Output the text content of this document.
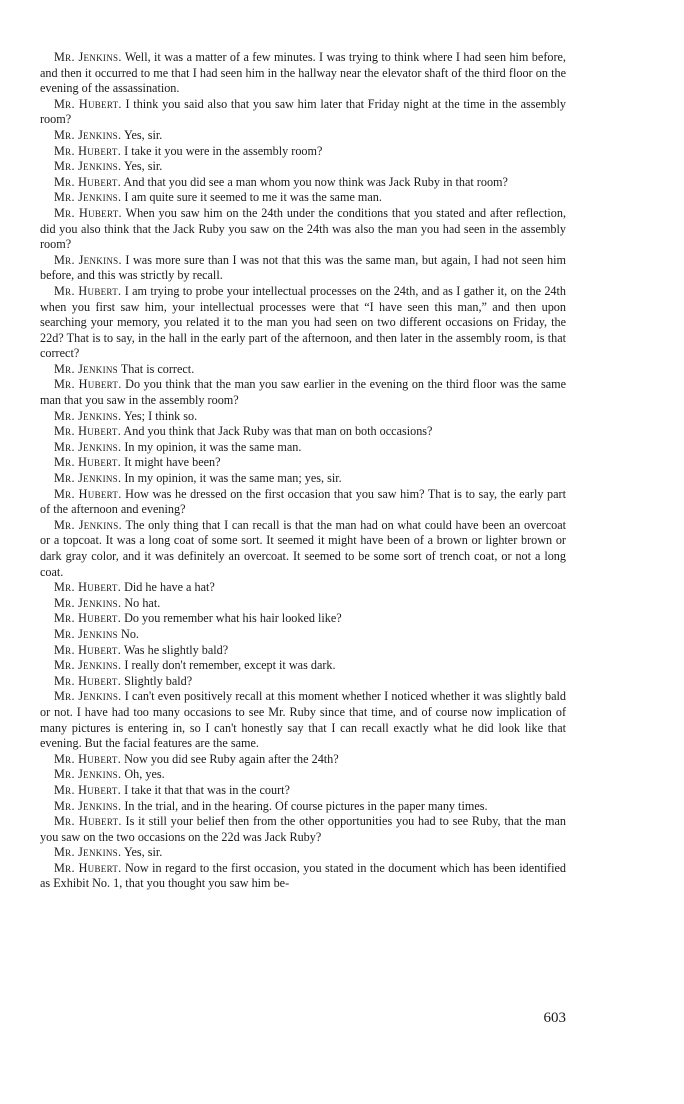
Mr. Jenkins. Well, it was a matter of a few minutes. I was trying to think where I had seen him before, and then it occurred to me that I had seen him in the hallway near the elevator shaft of the third floor on the evening of the assassination.

Mr. Hubert. I think you said also that you saw him later that Friday night at the time in the assembly room?

Mr. Jenkins. Yes, sir.

Mr. Hubert. I take it you were in the assembly room?

Mr. Jenkins. Yes, sir.

Mr. Hubert. And that you did see a man whom you now think was Jack Ruby in that room?

Mr. Jenkins. I am quite sure it seemed to me it was the same man.

Mr. Hubert. When you saw him on the 24th under the conditions that you stated and after reflection, did you also think that the Jack Ruby you saw on the 24th was also the man you had seen in the assembly room?

Mr. Jenkins. I was more sure than I was not that this was the same man, but again, I had not seen him before, and this was strictly by recall.

Mr. Hubert. I am trying to probe your intellectual processes on the 24th, and as I gather it, on the 24th when you first saw him, your intellectual processes were that “I have seen this man,” and then upon searching your memory, you related it to the man you had seen on two different occasions on Friday, the 22d? That is to say, in the hall in the early part of the afternoon, and then later in the assembly room, is that correct?

Mr. Jenkins That is correct.

Mr. Hubert. Do you think that the man you saw earlier in the evening on the third floor was the same man that you saw in the assembly room?

Mr. Jenkins. Yes; I think so.

Mr. Hubert. And you think that Jack Ruby was that man on both occasions?

Mr. Jenkins. In my opinion, it was the same man.

Mr. Hubert. It might have been?

Mr. Jenkins. In my opinion, it was the same man; yes, sir.

Mr. Hubert. How was he dressed on the first occasion that you saw him? That is to say, the early part of the afternoon and evening?

Mr. Jenkins. The only thing that I can recall is that the man had on what could have been an overcoat or a topcoat. It was a long coat of some sort. It seemed it might have been of a brown or lighter brown or dark gray color, and it was definitely an overcoat. It seemed to be some sort of trench coat, or not a long coat.

Mr. Hubert. Did he have a hat?

Mr. Jenkins. No hat.

Mr. Hubert. Do you remember what his hair looked like?

Mr. Jenkins No.

Mr. Hubert. Was he slightly bald?

Mr. Jenkins. I really don't remember, except it was dark.

Mr. Hubert. Slightly bald?

Mr. Jenkins. I can't even positively recall at this moment whether I noticed whether it was slightly bald or not. I have had too many occasions to see Mr. Ruby since that time, and of course now implication of many pictures is entering in, so I can't honestly say that I can recall exactly what he did look like that evening. But the facial features are the same.

Mr. Hubert. Now you did see Ruby again after the 24th?

Mr. Jenkins. Oh, yes.

Mr. Hubert. I take it that that was in the court?

Mr. Jenkins. In the trial, and in the hearing. Of course pictures in the paper many times.

Mr. Hubert. Is it still your belief then from the other opportunities you had to see Ruby, that the man you saw on the two occasions on the 22d was Jack Ruby?

Mr. Jenkins. Yes, sir.

Mr. Hubert. Now in regard to the first occasion, you stated in the document which has been identified as Exhibit No. 1, that you thought you saw him be-

603
